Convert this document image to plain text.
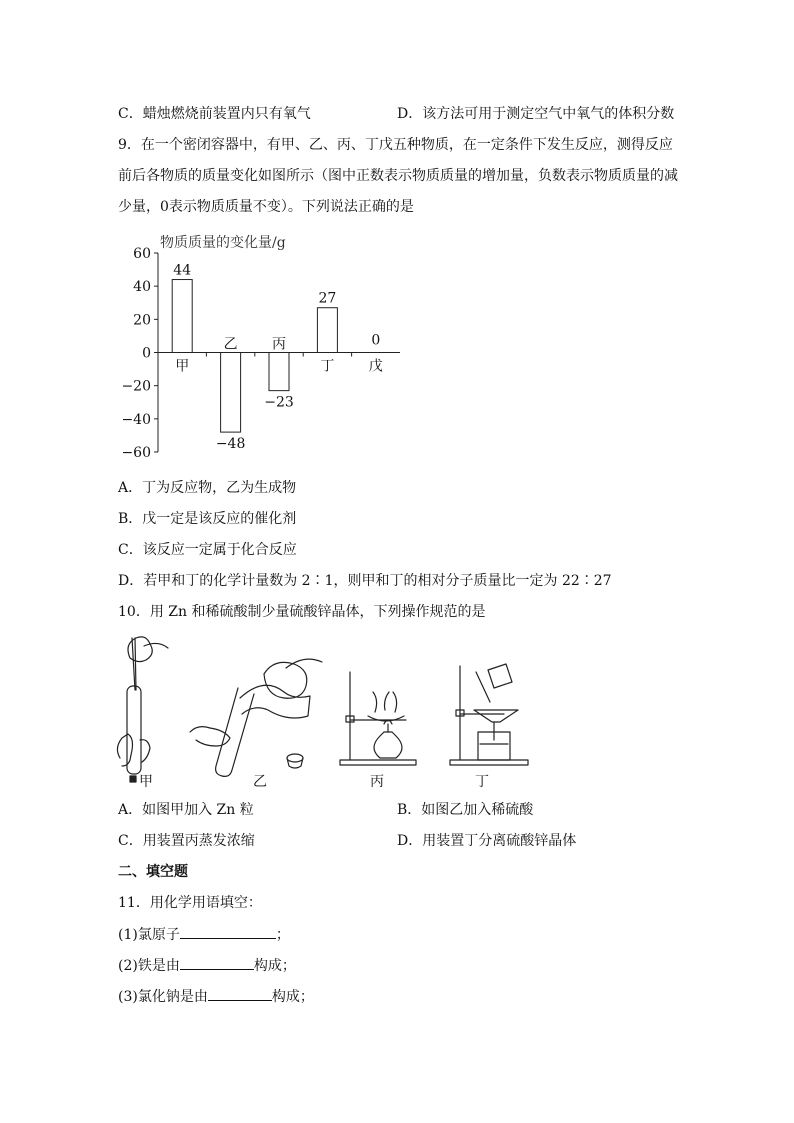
C．蜡烛燃烧前装置内只有氧气	D．该方法可用于测定空气中氧气的体积分数
9．在一个密闭容器中，有甲、乙、丙、丁戊五种物质，在一定条件下发生反应，测得反应
前后各物质的质量变化如图所示（图中正数表示物质质量的增加量，负数表示物质质量的减
少量，0表示物质质量不变）。下列说法正确的是
物质质量的变化量/g
60
40
20
0
−20
−40
−60
甲
乙 丙
丁 戊
44
−48
−23
27
0
A．丁为反应物，乙为生成物
B．戊一定是该反应的催化剂
C．该反应一定属于化合反应
D．若甲和丁的化学计量数为 2∶1，则甲和丁的相对分子质量比一定为 22∶27
10．用 Zn 和稀硫酸制少量硫酸锌晶体，下列操作规范的是
甲	乙	丙	丁
A．如图甲加入 Zn 粒	B．如图乙加入稀硫酸
C．用装置丙蒸发浓缩	D．用装置丁分离硫酸锌晶体
二、填空题
11．用化学用语填空：
(1)氯原子	；
(2)铁是由	构成；
(3)氯化钠是由	构成；
